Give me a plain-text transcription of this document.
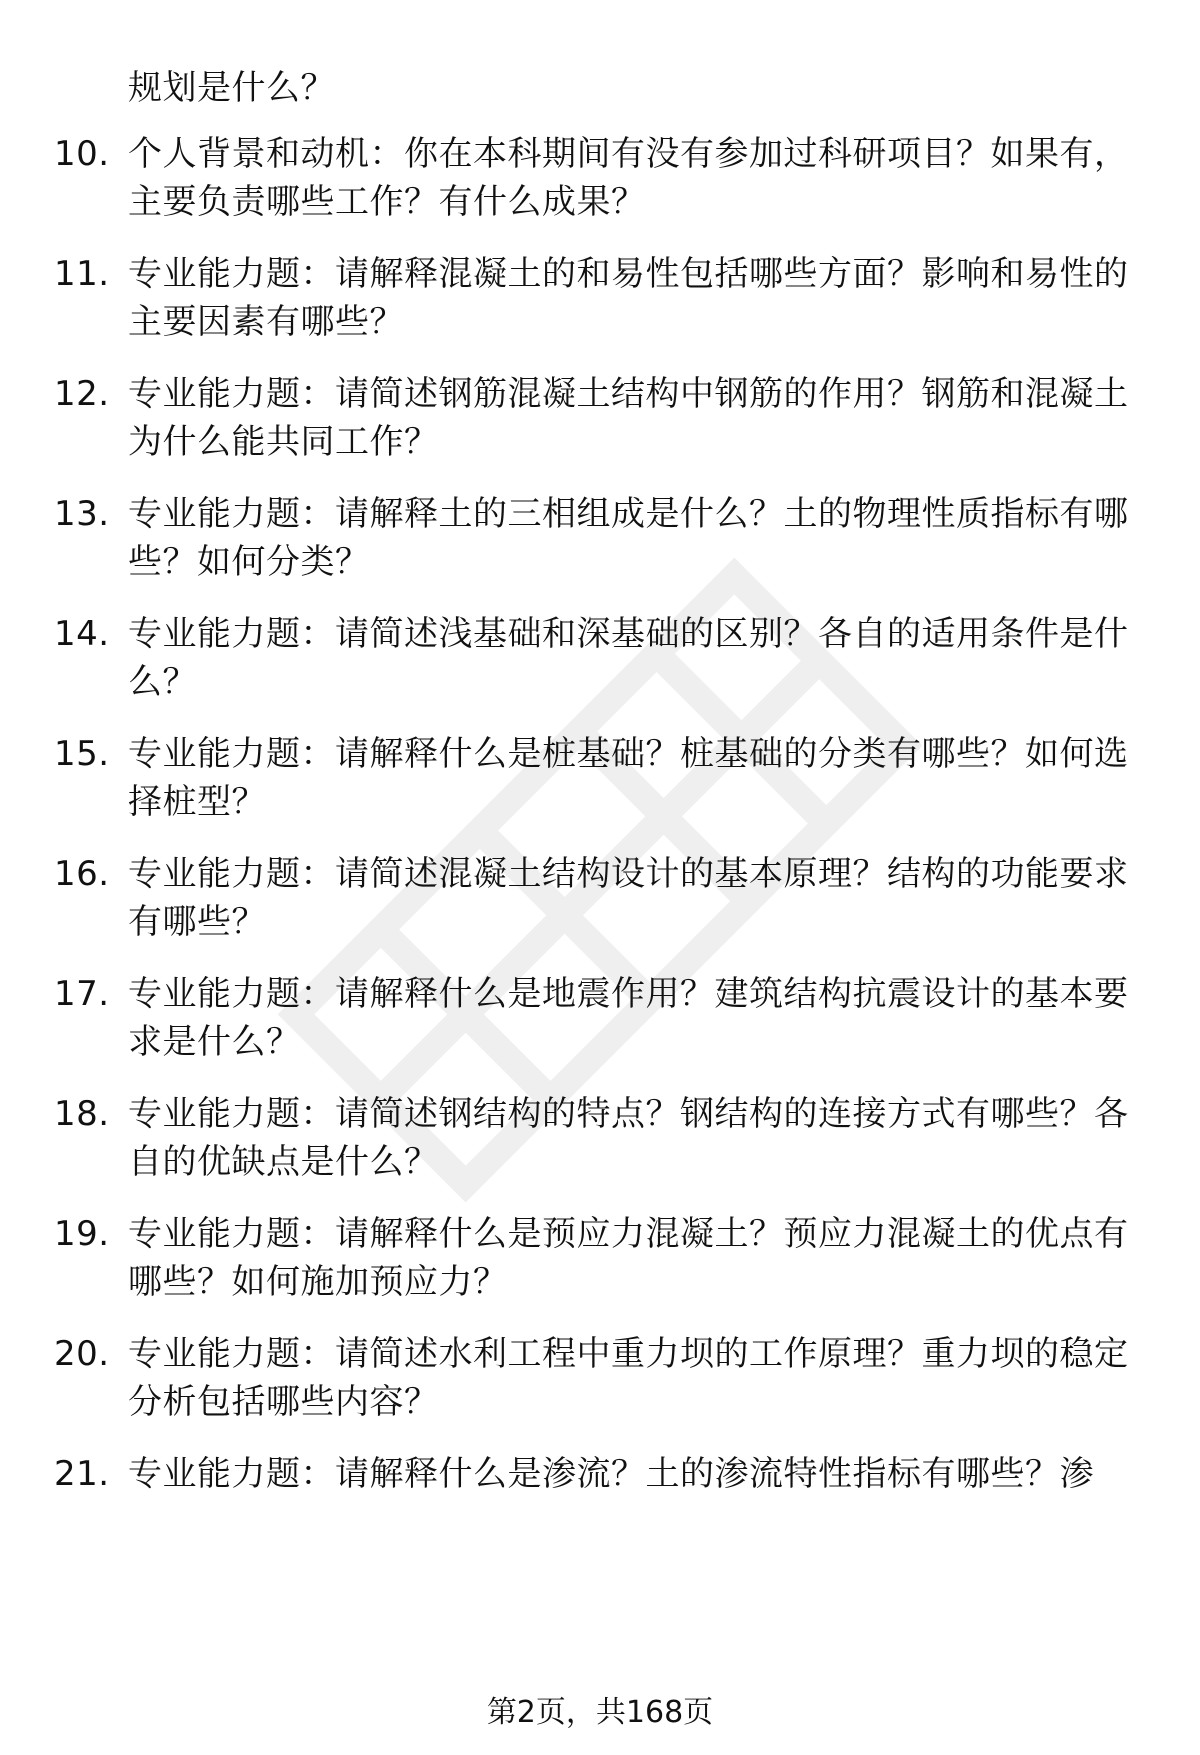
规划是什么？
10. 个人背景和动机：你在本科期间有没有参加过科研项目？如果有，主要负责哪些工作？有什么成果？
11. 专业能力题：请解释混凝土的和易性包括哪些方面？影响和易性的主要因素有哪些？
12. 专业能力题：请简述钢筋混凝土结构中钢筋的作用？钢筋和混凝土为什么能共同工作？
13. 专业能力题：请解释土的三相组成是什么？土的物理性质指标有哪些？如何分类？
14. 专业能力题：请简述浅基础和深基础的区别？各自的适用条件是什么？
15. 专业能力题：请解释什么是桩基础？桩基础的分类有哪些？如何选择桩型？
16. 专业能力题：请简述混凝土结构设计的基本原理？结构的功能要求有哪些？
17. 专业能力题：请解释什么是地震作用？建筑结构抗震设计的基本要求是什么？
18. 专业能力题：请简述钢结构的特点？钢结构的连接方式有哪些？各自的优缺点是什么？
19. 专业能力题：请解释什么是预应力混凝土？预应力混凝土的优点有哪些？如何施加预应力？
20. 专业能力题：请简述水利工程中重力坝的工作原理？重力坝的稳定分析包括哪些内容？
21. 专业能力题：请解释什么是渗流？土的渗流特性指标有哪些？渗
第2页，共168页
